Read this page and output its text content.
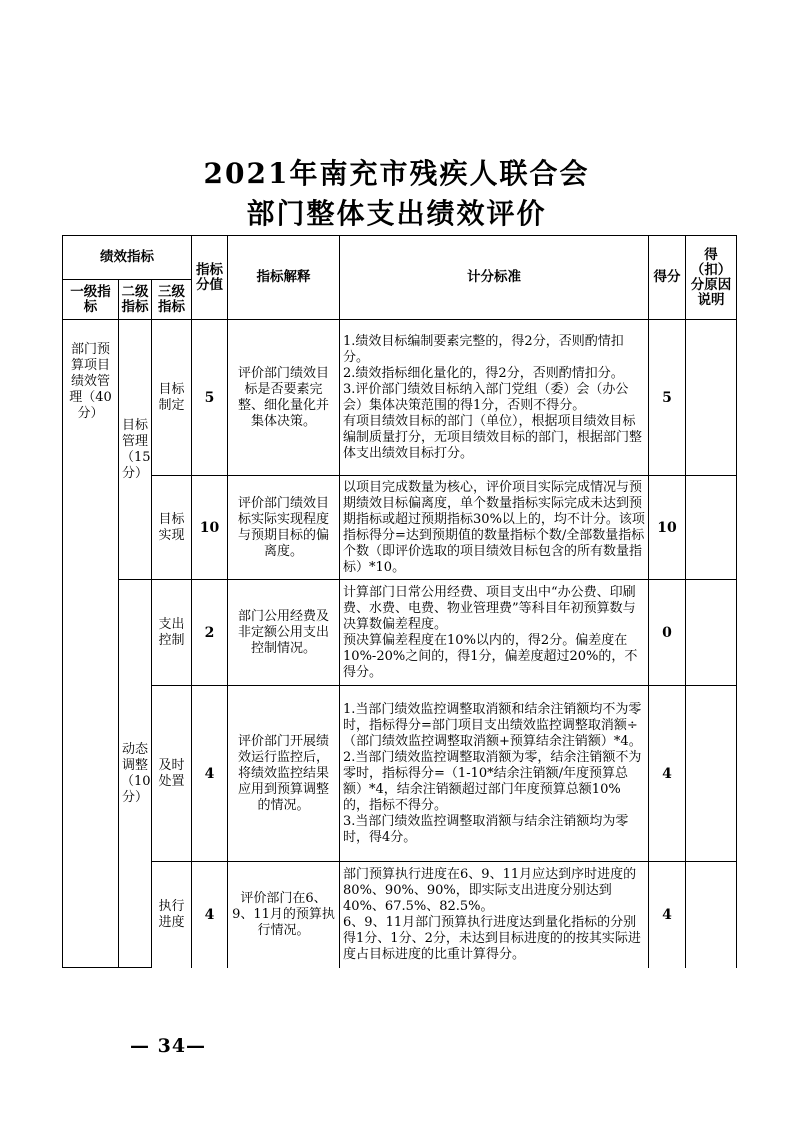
2021年南充市残疾人联合会
部门整体支出绩效评价
绩效指标			指标分值	指标解释	计分标准	得分	得（扣）分原因说明
一级指标	二级指标	三级指标					
部门预算项目绩效管理（40分）	目标管理（15分）	目标制定	5	评价部门绩效目标是否要素完整、细化量化并集体决策。	1.绩效目标编制要素完整的，得2分，否则酌情扣分。

2.绩效指标细化量化的，得2分，否则酌情扣分。

3.评价部门绩效目标纳入部门党组（委）会（办公会）集体决策范围的得1分，否则不得分。

有项目绩效目标的部门（单位），根据项目绩效目标编制质量打分，无项目绩效目标的部门，根据部门整体支出绩效目标打分。	5	
		目标实现	10	评价部门绩效目标实际实现程度与预期目标的偏离度。	以项目完成数量为核心，评价项目实际完成情况与预期绩效目标偏离度，单个数量指标实际完成未达到预期指标或超过预期指标30%以上的，均不计分。该项指标得分=达到预期值的数量指标个数/全部数量指标个数（即评价选取的项目绩效目标包含的所有数量指标）*10。	10	
	动态调整（10分）	支出控制	2	部门公用经费及非定额公用支出控制情况。	计算部门日常公用经费、项目支出中“办公费、印刷费、水费、电费、物业管理费”等科目年初预算数与决算数偏差程度。

预决算偏差程度在10%以内的，得2分。偏差度在10%-20%之间的，得1分，偏差度超过20%的，不得分。	0	
		及时处置	4	评价部门开展绩效运行监控后，将绩效监控结果应用到预算调整的情况。	1.当部门绩效监控调整取消额和结余注销额均不为零时，指标得分=部门项目支出绩效监控调整取消额÷（部门绩效监控调整取消额+预算结余注销额）*4。

2.当部门绩效监控调整取消额为零，结余注销额不为零时，指标得分=（1-10*结余注销额/年度预算总额）*4，结余注销额超过部门年度预算总额10%的，指标不得分。

3.当部门绩效监控调整取消额与结余注销额均为零时，得4分。	4	
		执行进度	4	评价部门在6、9、11月的预算执行情况。	部门预算执行进度在6、9、11月应达到序时进度的80%、90%、90%，即实际支出进度分别达到40%、67.5%、82.5%。

6、9、11月部门预算执行进度达到量化指标的分别得1分、1分、2分，未达到目标进度的的按其实际进度占目标进度的比重计算得分。	4	
— 34—
